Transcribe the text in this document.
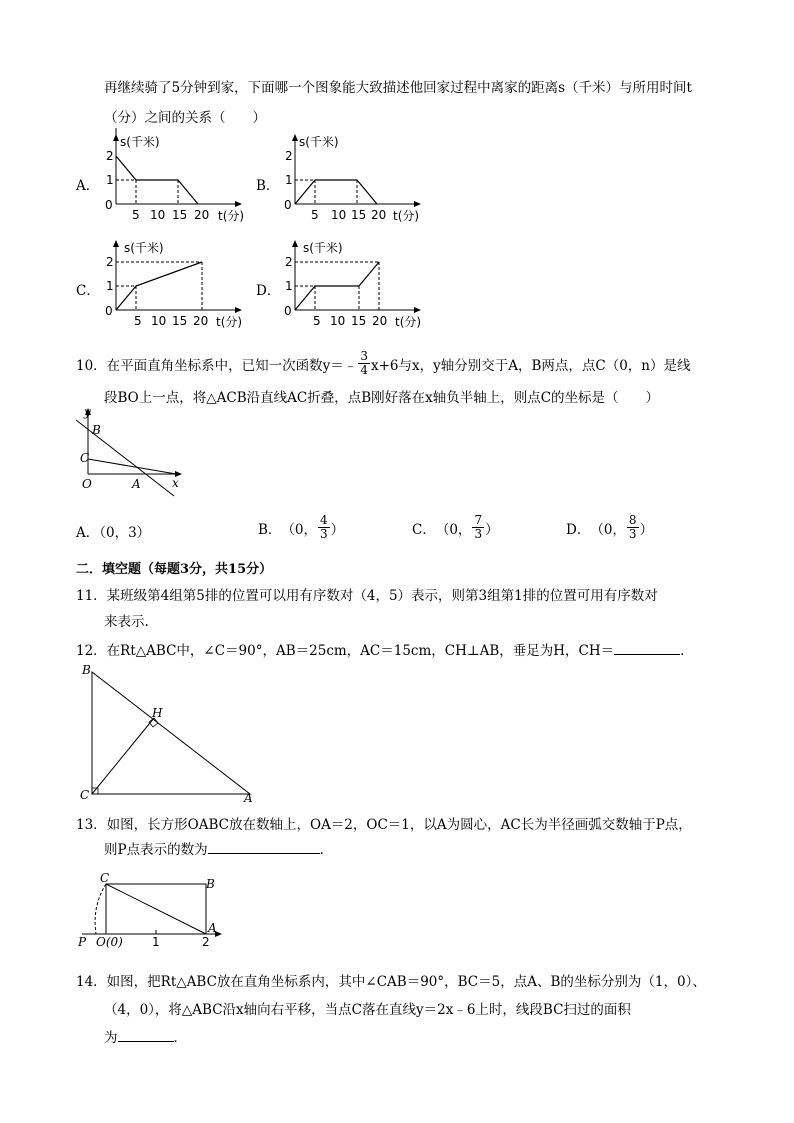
再继续骑了5分钟到家，下面哪一个图象能大致描述他回家过程中离家的距离s（千米）与所用时间t
（分）之间的关系（　　）
A．	B．
C．	D．
s(千米)
t(分)
0
1
2
5 10 15 20
s(千米)
t(分)
0
1
2
5 10 15 20
s(千米)
t(分)
0
1
2
5 10 15 20
s(千米)
t(分)
0
1
2
5 10 15 20
10．在平面直角坐标系中，已知一次函数y＝﹣ $\frac{3}{4} x+6$与x，y轴分别交于A，B两点，点C（0，n）是线
段BO上一点，将△ACB沿直线AC折叠，点B刚好落在x轴负半轴上，则点C的坐标是（　　）
y
x
B
C
O	A
A．（0，3）	B． （0， $\frac{4}{3}$ ）	C． （0， $\frac{7}{3}$ ）	D． （0， $\frac{8}{3}$ ）
二．填空题（每题3分，共15分）
11．某班级第4组第5排的位置可以用有序数对（4，5）表示，则第3组第1排的位置可用有序数对
来表示.
12．在Rt△ABC中，∠C＝90°，AB＝25cm，AC＝15cm，CH⊥AB，垂足为H，CH＝	．
B
H
C	A
13．如图，长方形OABC放在数轴上，OA＝2，OC＝1，以A为圆心，AC长为半径画弧交数轴于P点，
则P点表示的数为	．
C	B
A
P O(0) 1	2
14．如图，把Rt△ABC放在直角坐标系内，其中∠CAB＝90°，BC＝5，点A、B的坐标分别为（1，0）、
（4，0），将△ABC沿x轴向右平移，当点C落在直线y＝2x﹣6上时，线段BC扫过的面积
为	．
